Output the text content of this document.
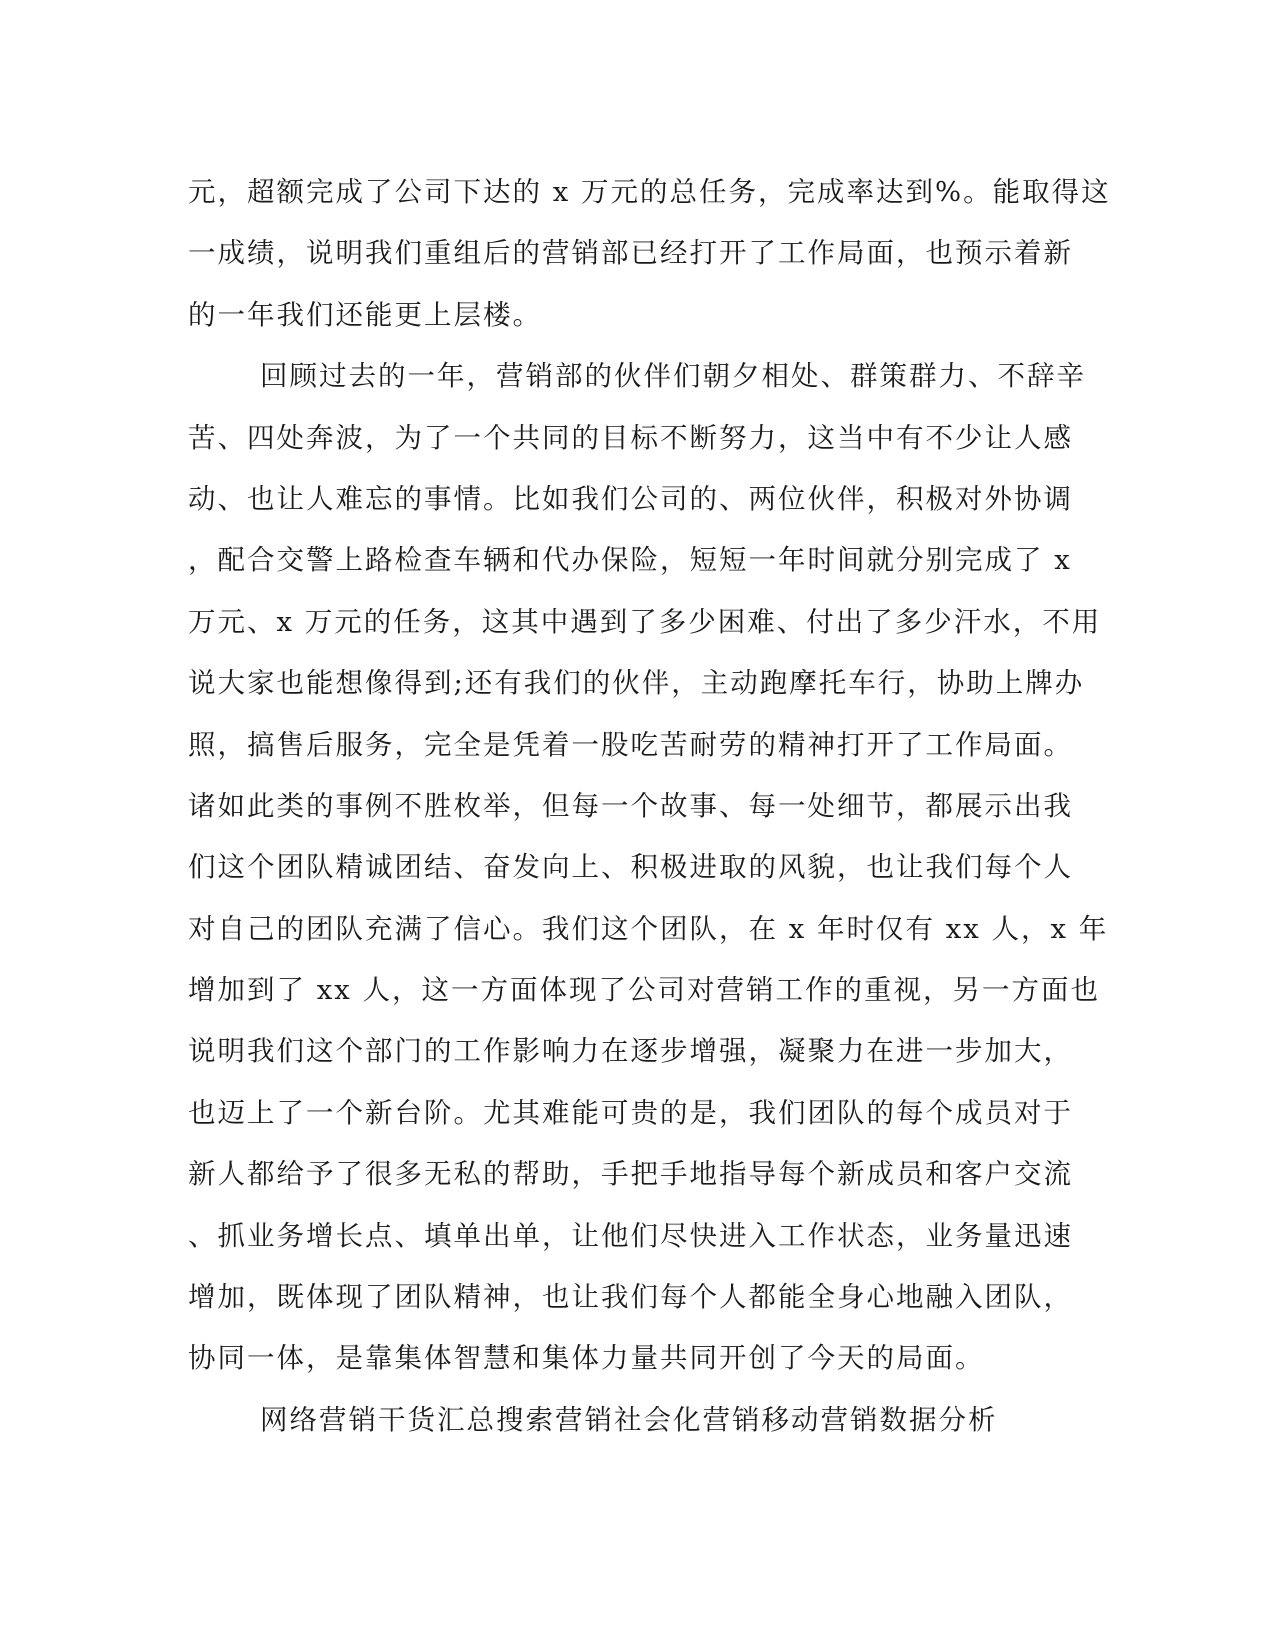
元，超额完成了公司下达的 x 万元的总任务，完成率达到%。能取得这
一成绩，说明我们重组后的营销部已经打开了工作局面，也预示着新
的一年我们还能更上层楼。
回顾过去的一年，营销部的伙伴们朝夕相处、群策群力、不辞辛
苦、四处奔波，为了一个共同的目标不断努力，这当中有不少让人感
动、也让人难忘的事情。比如我们公司的、两位伙伴，积极对外协调
，配合交警上路检查车辆和代办保险，短短一年时间就分别完成了 x
万元、x 万元的任务，这其中遇到了多少困难、付出了多少汗水，不用
说大家也能想像得到;还有我们的伙伴，主动跑摩托车行，协助上牌办
照，搞售后服务，完全是凭着一股吃苦耐劳的精神打开了工作局面。
诸如此类的事例不胜枚举，但每一个故事、每一处细节，都展示出我
们这个团队精诚团结、奋发向上、积极进取的风貌，也让我们每个人
对自己的团队充满了信心。我们这个团队，在 x 年时仅有 xx 人，x 年
增加到了 xx 人，这一方面体现了公司对营销工作的重视，另一方面也
说明我们这个部门的工作影响力在逐步增强，凝聚力在进一步加大，
也迈上了一个新台阶。尤其难能可贵的是，我们团队的每个成员对于
新人都给予了很多无私的帮助，手把手地指导每个新成员和客户交流
、抓业务增长点、填单出单，让他们尽快进入工作状态，业务量迅速
增加，既体现了团队精神，也让我们每个人都能全身心地融入团队，
协同一体，是靠集体智慧和集体力量共同开创了今天的局面。
网络营销干货汇总搜索营销社会化营销移动营销数据分析
